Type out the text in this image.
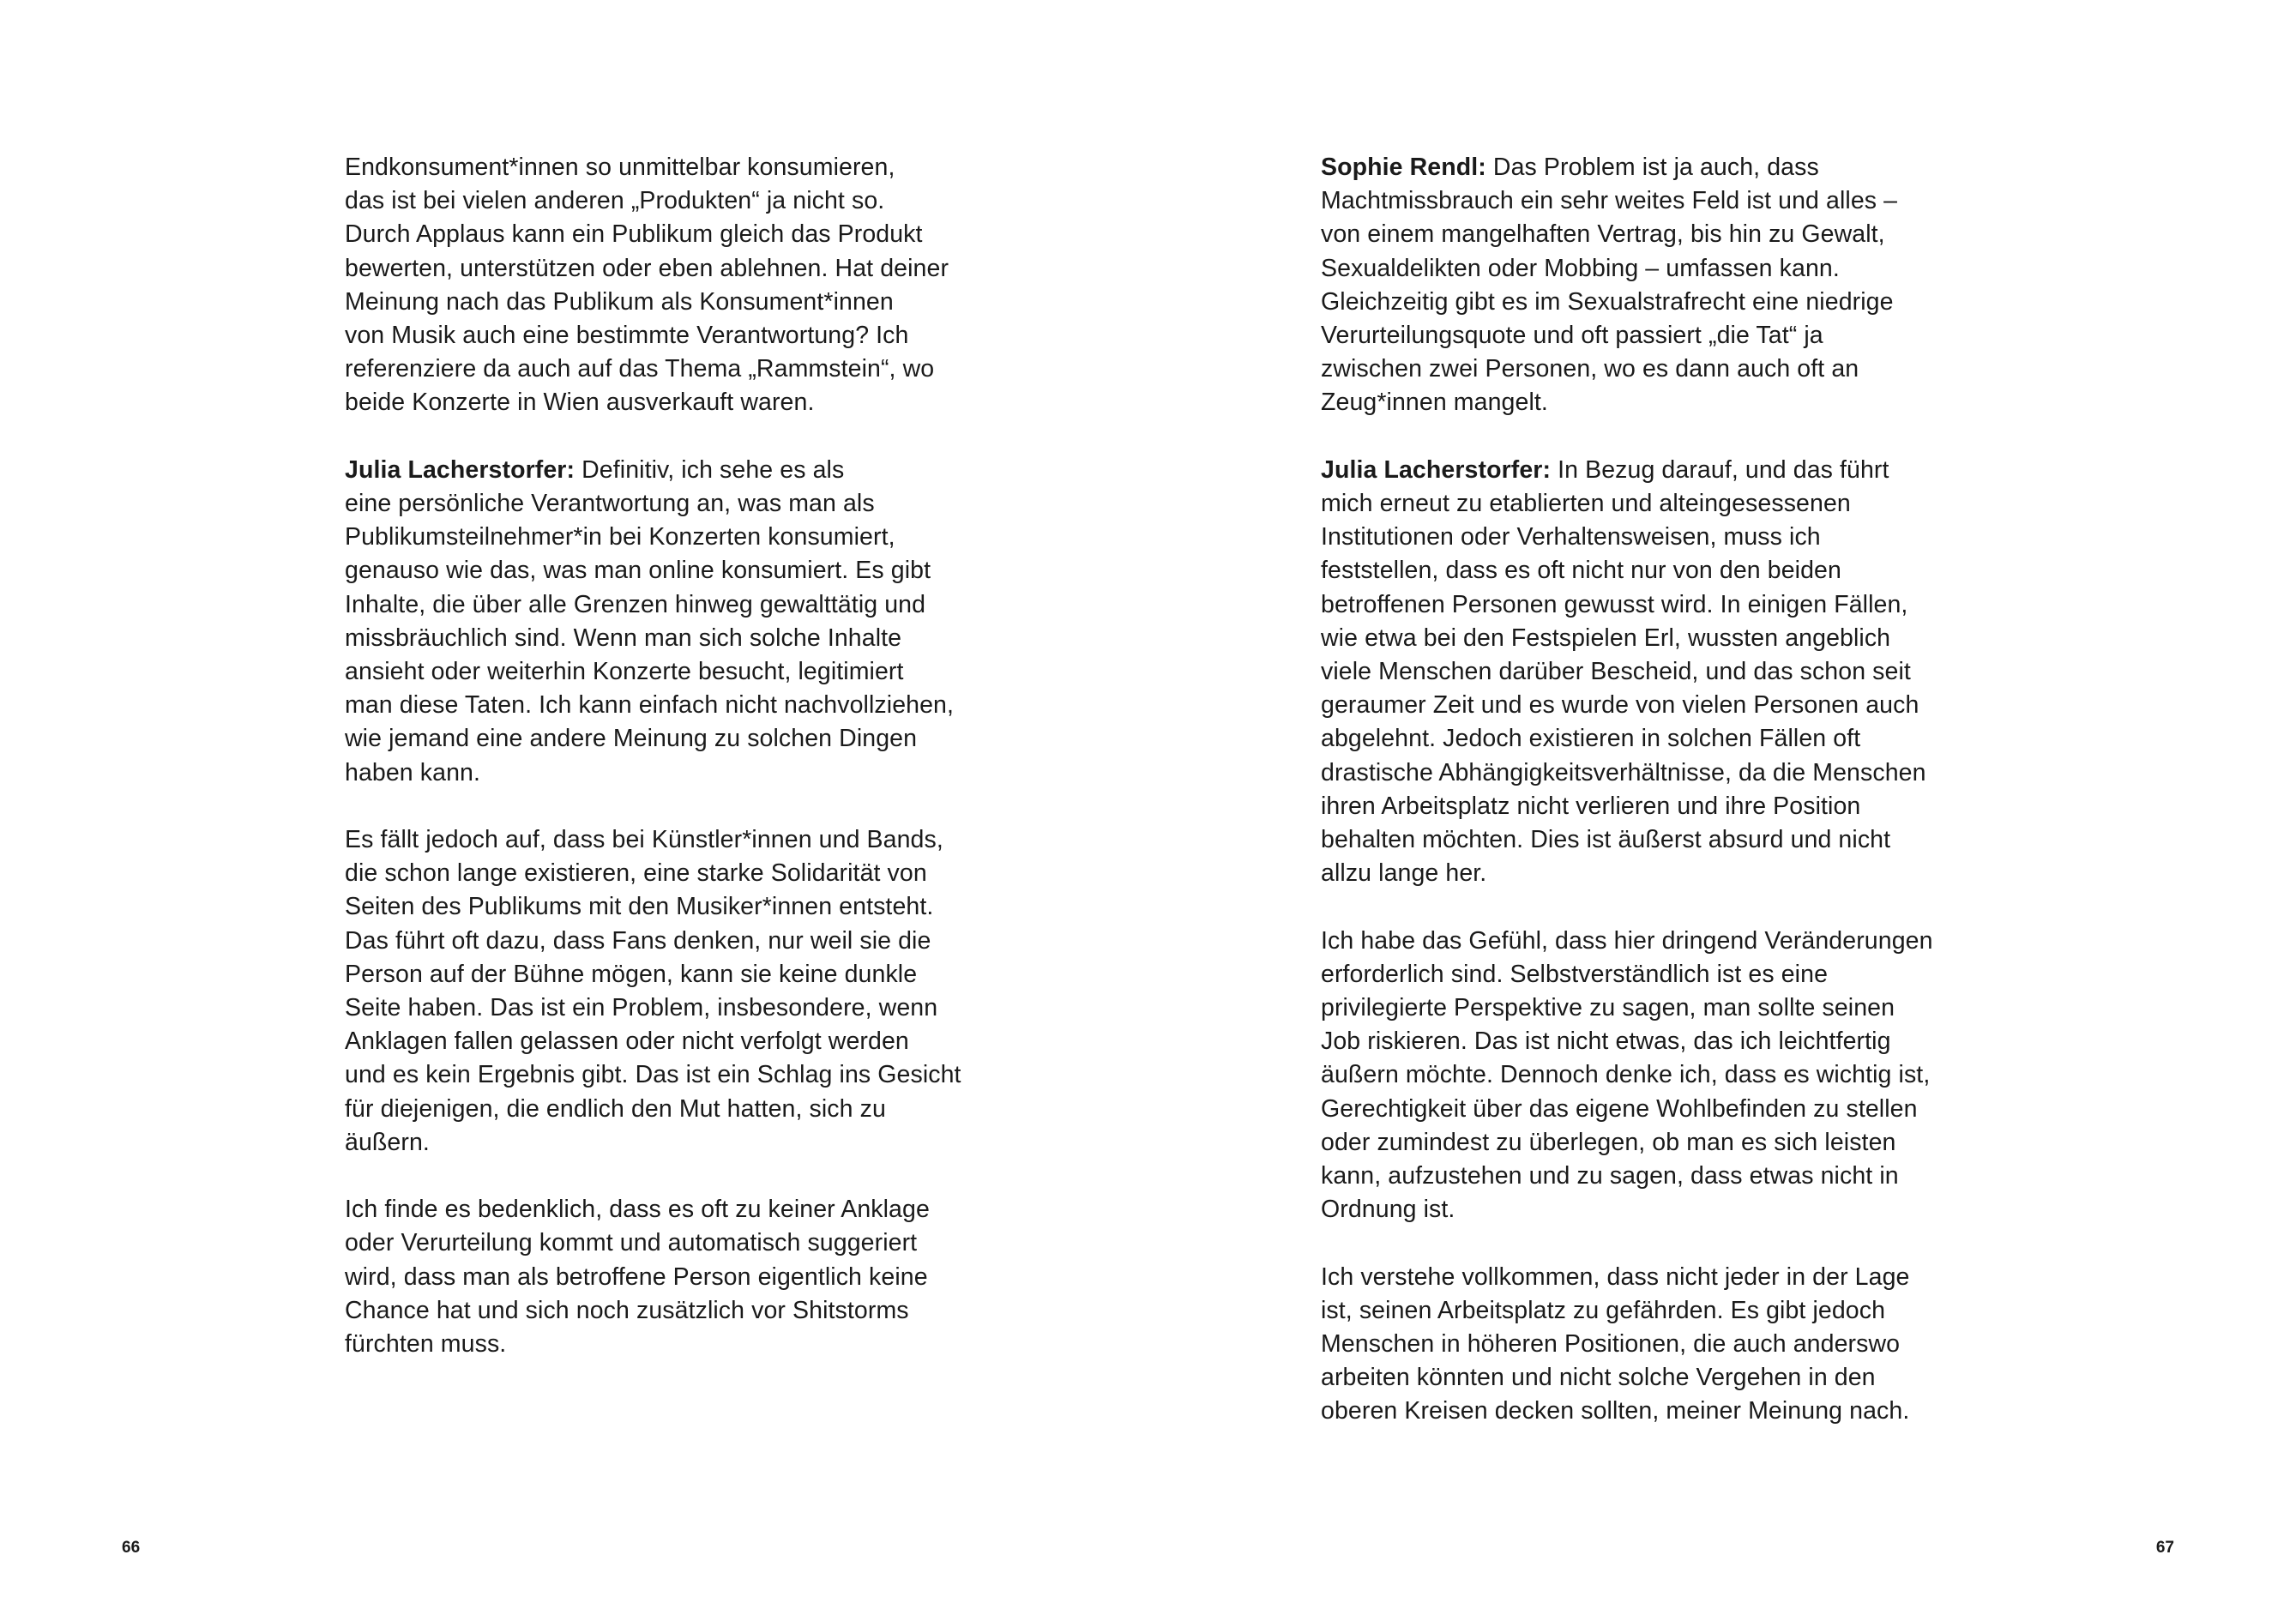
Endkonsument*innen so unmittelbar konsumieren,
das ist bei vielen anderen „Produkten“ ja nicht so.
Durch Applaus kann ein Publikum gleich das Produkt
bewerten, unterstützen oder eben ablehnen. Hat deiner
Meinung nach das Publikum als Konsument*innen
von Musik auch eine bestimmte Verantwortung? Ich
referenziere da auch auf das Thema „Rammstein“, wo
beide Konzerte in Wien ausverkauft waren.

Julia Lacherstorfer: Definitiv, ich sehe es als
eine persönliche Verantwortung an, was man als
Publikumsteilnehmer*in bei Konzerten konsumiert,
genauso wie das, was man online konsumiert. Es gibt
Inhalte, die über alle Grenzen hinweg gewalttätig und
missbräuchlich sind. Wenn man sich solche Inhalte
ansieht oder weiterhin Konzerte besucht, legitimiert
man diese Taten. Ich kann einfach nicht nachvollziehen,
wie jemand eine andere Meinung zu solchen Dingen
haben kann.

Es fällt jedoch auf, dass bei Künstler*innen und Bands,
die schon lange existieren, eine starke Solidarität von
Seiten des Publikums mit den Musiker*innen entsteht.
Das führt oft dazu, dass Fans denken, nur weil sie die
Person auf der Bühne mögen, kann sie keine dunkle
Seite haben. Das ist ein Problem, insbesondere, wenn
Anklagen fallen gelassen oder nicht verfolgt werden
und es kein Ergebnis gibt. Das ist ein Schlag ins Gesicht
für diejenigen, die endlich den Mut hatten, sich zu
äußern.

Ich finde es bedenklich, dass es oft zu keiner Anklage
oder Verurteilung kommt und automatisch suggeriert
wird, dass man als betroffene Person eigentlich keine
Chance hat und sich noch zusätzlich vor Shitstorms
fürchten muss.

66

Sophie Rendl: Das Problem ist ja auch, dass
Machtmissbrauch ein sehr weites Feld ist und alles –
von einem mangelhaften Vertrag, bis hin zu Gewalt,
Sexualdelikten oder Mobbing – umfassen kann.
Gleichzeitig gibt es im Sexualstrafrecht eine niedrige
Verurteilungsquote und oft passiert „die Tat“ ja
zwischen zwei Personen, wo es dann auch oft an
Zeug*innen mangelt.

Julia Lacherstorfer: In Bezug darauf, und das führt
mich erneut zu etablierten und alteingesessenen
Institutionen oder Verhaltensweisen, muss ich
feststellen, dass es oft nicht nur von den beiden
betroffenen Personen gewusst wird. In einigen Fällen,
wie etwa bei den Festspielen Erl, wussten angeblich
viele Menschen darüber Bescheid, und das schon seit
geraumer Zeit und es wurde von vielen Personen auch
abgelehnt. Jedoch existieren in solchen Fällen oft
drastische Abhängigkeitsverhältnisse, da die Menschen
ihren Arbeitsplatz nicht verlieren und ihre Position
behalten möchten. Dies ist äußerst absurd und nicht
allzu lange her.

Ich habe das Gefühl, dass hier dringend Veränderungen
erforderlich sind. Selbstverständlich ist es eine
privilegierte Perspektive zu sagen, man sollte seinen
Job riskieren. Das ist nicht etwas, das ich leichtfertig
äußern möchte. Dennoch denke ich, dass es wichtig ist,
Gerechtigkeit über das eigene Wohlbefinden zu stellen
oder zumindest zu überlegen, ob man es sich leisten
kann, aufzustehen und zu sagen, dass etwas nicht in
Ordnung ist.

Ich verstehe vollkommen, dass nicht jeder in der Lage
ist, seinen Arbeitsplatz zu gefährden. Es gibt jedoch
Menschen in höheren Positionen, die auch anderswo
arbeiten könnten und nicht solche Vergehen in den
oberen Kreisen decken sollten, meiner Meinung nach.

67
